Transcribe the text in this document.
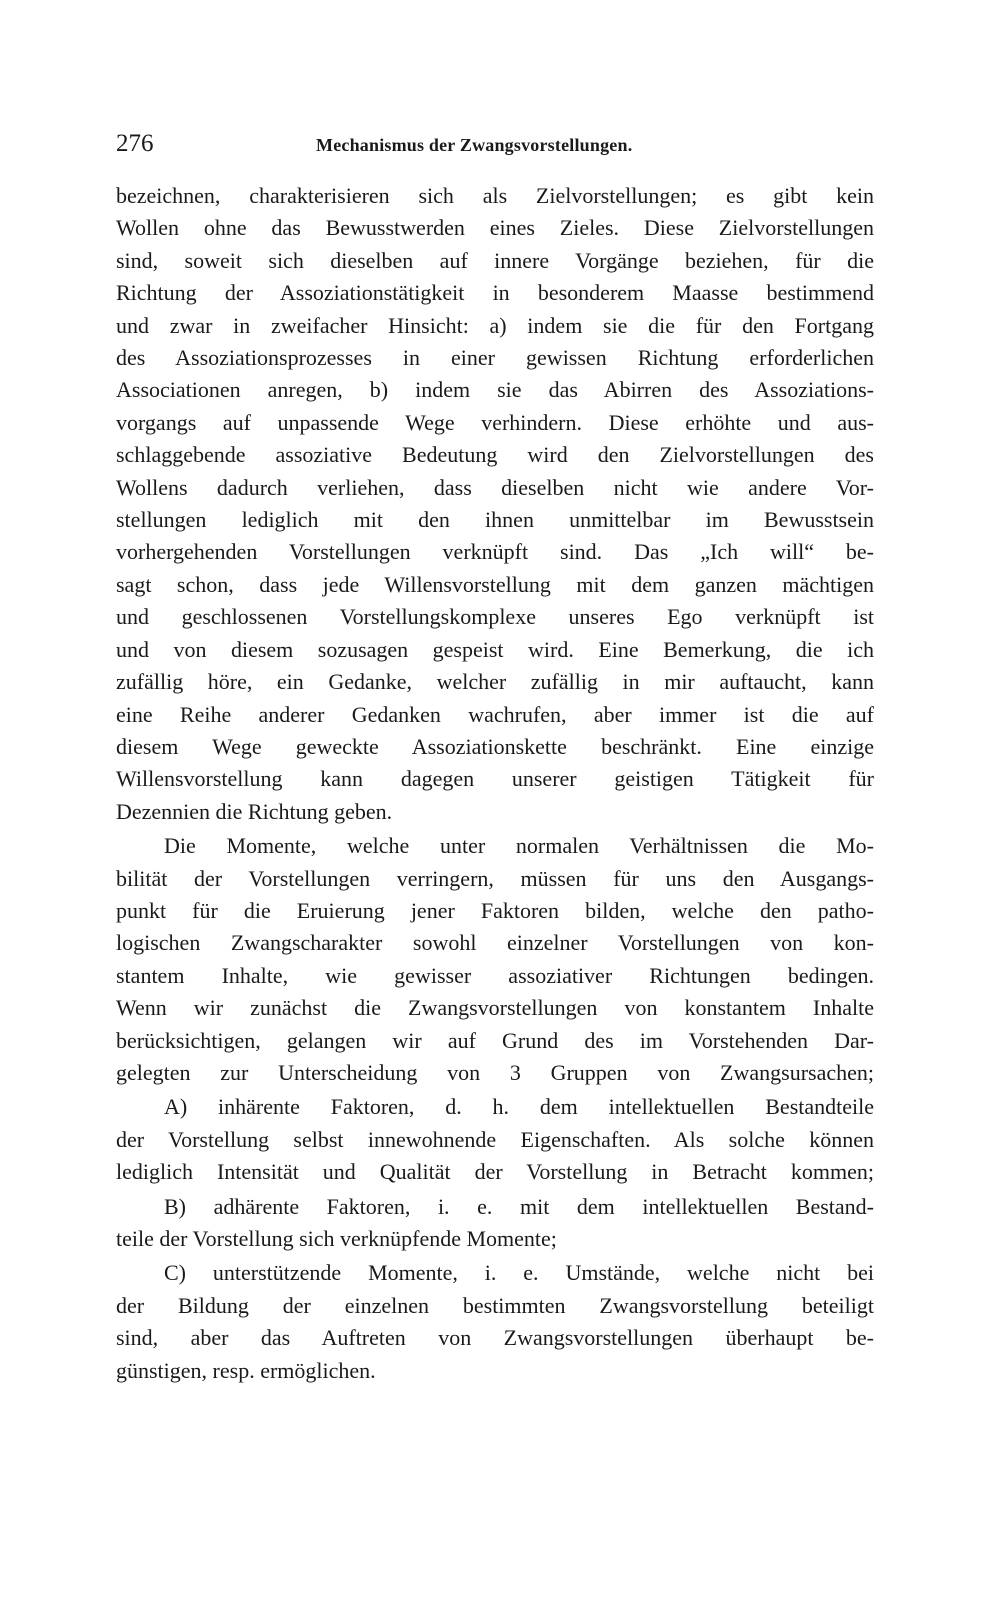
276	Mechanismus der Zwangsvorstellungen.
bezeichnen, charakterisieren sich als Zielvorstellungen; es gibt kein
Wollen ohne das Bewusstwerden eines Zieles. Diese Zielvorstellungen
sind, soweit sich dieselben auf innere Vorgänge beziehen, für die
Richtung der Assoziationstätigkeit in besonderem Maasse bestimmend
und zwar in zweifacher Hinsicht: a) indem sie die für den Fortgang
des Assoziationsprozesses in einer gewissen Richtung erforderlichen
Associationen anregen, b) indem sie das Abirren des Assoziations-
vorgangs auf unpassende Wege verhindern. Diese erhöhte und aus-
schlaggebende assoziative Bedeutung wird den Zielvorstellungen des
Wollens dadurch verliehen, dass dieselben nicht wie andere Vor-
stellungen lediglich mit den ihnen unmittelbar im Bewusstsein
vorhergehenden Vorstellungen verknüpft sind. Das „Ich will“ be-
sagt schon, dass jede Willensvorstellung mit dem ganzen mächtigen
und geschlossenen Vorstellungskomplexe unseres Ego verknüpft ist
und von diesem sozusagen gespeist wird. Eine Bemerkung, die ich
zufällig höre, ein Gedanke, welcher zufällig in mir auftaucht, kann
eine Reihe anderer Gedanken wachrufen, aber immer ist die auf
diesem Wege geweckte Assoziationskette beschränkt. Eine einzige
Willensvorstellung kann dagegen unserer geistigen Tätigkeit für
Dezennien die Richtung geben.
Die Momente, welche unter normalen Verhältnissen die Mo-
bilität der Vorstellungen verringern, müssen für uns den Ausgangs-
punkt für die Eruierung jener Faktoren bilden, welche den patho-
logischen Zwangscharakter sowohl einzelner Vorstellungen von kon-
stantem Inhalte, wie gewisser assoziativer Richtungen bedingen.
Wenn wir zunächst die Zwangsvorstellungen von konstantem Inhalte
berücksichtigen, gelangen wir auf Grund des im Vorstehenden Dar-
gelegten zur Unterscheidung von 3 Gruppen von Zwangsursachen;
A) inhärente Faktoren, d. h. dem intellektuellen Bestandteile
der Vorstellung selbst innewohnende Eigenschaften. Als solche können
lediglich Intensität und Qualität der Vorstellung in Betracht kommen;
B) adhärente Faktoren, i. e. mit dem intellektuellen Bestand-
teile der Vorstellung sich verknüpfende Momente;
C) unterstützende Momente, i. e. Umstände, welche nicht bei
der Bildung der einzelnen bestimmten Zwangsvorstellung beteiligt
sind, aber das Auftreten von Zwangsvorstellungen überhaupt be-
günstigen, resp. ermöglichen.
